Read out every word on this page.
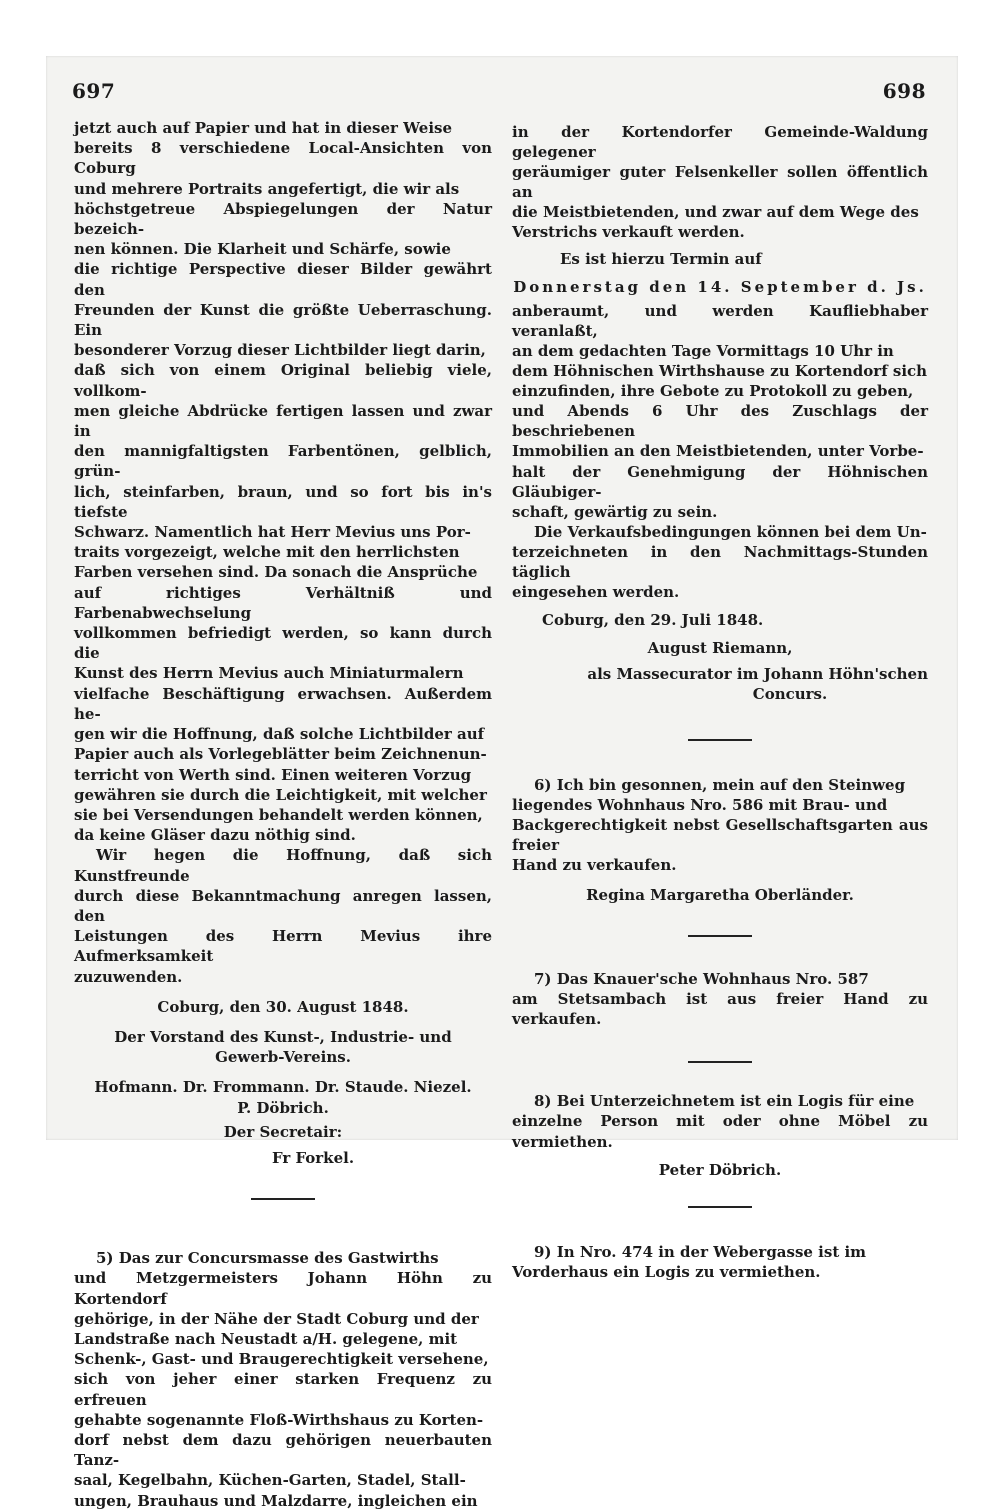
697	698

jetzt auch auf Papier und hat in dieser Weise

bereits 8 verschiedene Local-Ansichten von Coburg

und mehrere Portraits angefertigt, die wir als

höchstgetreue Abspiegelungen der Natur bezeich-

nen können. Die Klarheit und Schärfe, sowie

die richtige Perspective dieser Bilder gewährt den

Freunden der Kunst die größte Ueberraschung. Ein

besonderer Vorzug dieser Lichtbilder liegt darin,

daß sich von einem Original beliebig viele, vollkom-

men gleiche Abdrücke fertigen lassen und zwar in

den mannigfaltigsten Farbentönen, gelblich, grün-

lich, steinfarben, braun, und so fort bis in's tiefste

Schwarz. Namentlich hat Herr Mevius uns Por-

traits vorgezeigt, welche mit den herrlichsten

Farben versehen sind. Da sonach die Ansprüche

auf richtiges Verhältniß und Farbenabwechselung

vollkommen befriedigt werden, so kann durch die

Kunst des Herrn Mevius auch Miniaturmalern

vielfache Beschäftigung erwachsen. Außerdem he-

gen wir die Hoffnung, daß solche Lichtbilder auf

Papier auch als Vorlegeblätter beim Zeichnenun-

terricht von Werth sind. Einen weiteren Vorzug

gewähren sie durch die Leichtigkeit, mit welcher

sie bei Versendungen behandelt werden können,

da keine Gläser dazu nöthig sind.

Wir hegen die Hoffnung, daß sich Kunstfreunde

durch diese Bekanntmachung anregen lassen, den

Leistungen des Herrn Mevius ihre Aufmerksamkeit

zuzuwenden.

Coburg, den 30. August 1848.

Der Vorstand des Kunst-, Industrie- und

Gewerb-Vereins.

Hofmann. Dr. Frommann. Dr. Staude. Niezel.

P. Döbrich.

Der Secretair:

Fr Forkel.

5) Das zur Concursmasse des Gastwirths

und Metzgermeisters Johann Höhn zu Kortendorf

gehörige, in der Nähe der Stadt Coburg und der

Landstraße nach Neustadt a/H. gelegene, mit

Schenk-, Gast- und Braugerechtigkeit versehene,

sich von jeher einer starken Frequenz zu erfreuen

gehabte sogenannte Floß-Wirthshaus zu Korten-

dorf nebst dem dazu gehörigen neuerbauten Tanz-

saal, Kegelbahn, Küchen-Garten, Stadel, Stall-

ungen, Brauhaus und Malzdarre, ingleichen ein

in der Kortendorfer Gemeinde-Waldung gelegener

geräumiger guter Felsenkeller sollen öffentlich an

die Meistbietenden, und zwar auf dem Wege des

Verstrichs verkauft werden.

Es ist hierzu Termin auf

Donnerstag den 14. September d. Js.

anberaumt, und werden Kaufliebhaber veranlaßt,

an dem gedachten Tage Vormittags 10 Uhr in

dem Höhnischen Wirthshause zu Kortendorf sich

einzufinden, ihre Gebote zu Protokoll zu geben,

und Abends 6 Uhr des Zuschlags der beschriebenen

Immobilien an den Meistbietenden, unter Vorbe-

halt der Genehmigung der Höhnischen Gläubiger-

schaft, gewärtig zu sein.

Die Verkaufsbedingungen können bei dem Un-

terzeichneten in den Nachmittags-Stunden täglich

eingesehen werden.

Coburg, den 29. Juli 1848.

August Riemann,

als Massecurator im Johann Höhn'schen

Concurs.

6) Ich bin gesonnen, mein auf den Steinweg

liegendes Wohnhaus Nro. 586 mit Brau- und

Backgerechtigkeit nebst Gesellschaftsgarten aus freier

Hand zu verkaufen.

Regina Margaretha Oberländer.

7) Das Knauer'sche Wohnhaus Nro. 587

am Stetsambach ist aus freier Hand zu verkaufen.

8) Bei Unterzeichnetem ist ein Logis für eine

einzelne Person mit oder ohne Möbel zu vermiethen.

Peter Döbrich.

9) In Nro. 474 in der Webergasse ist im

Vorderhaus ein Logis zu vermiethen.
